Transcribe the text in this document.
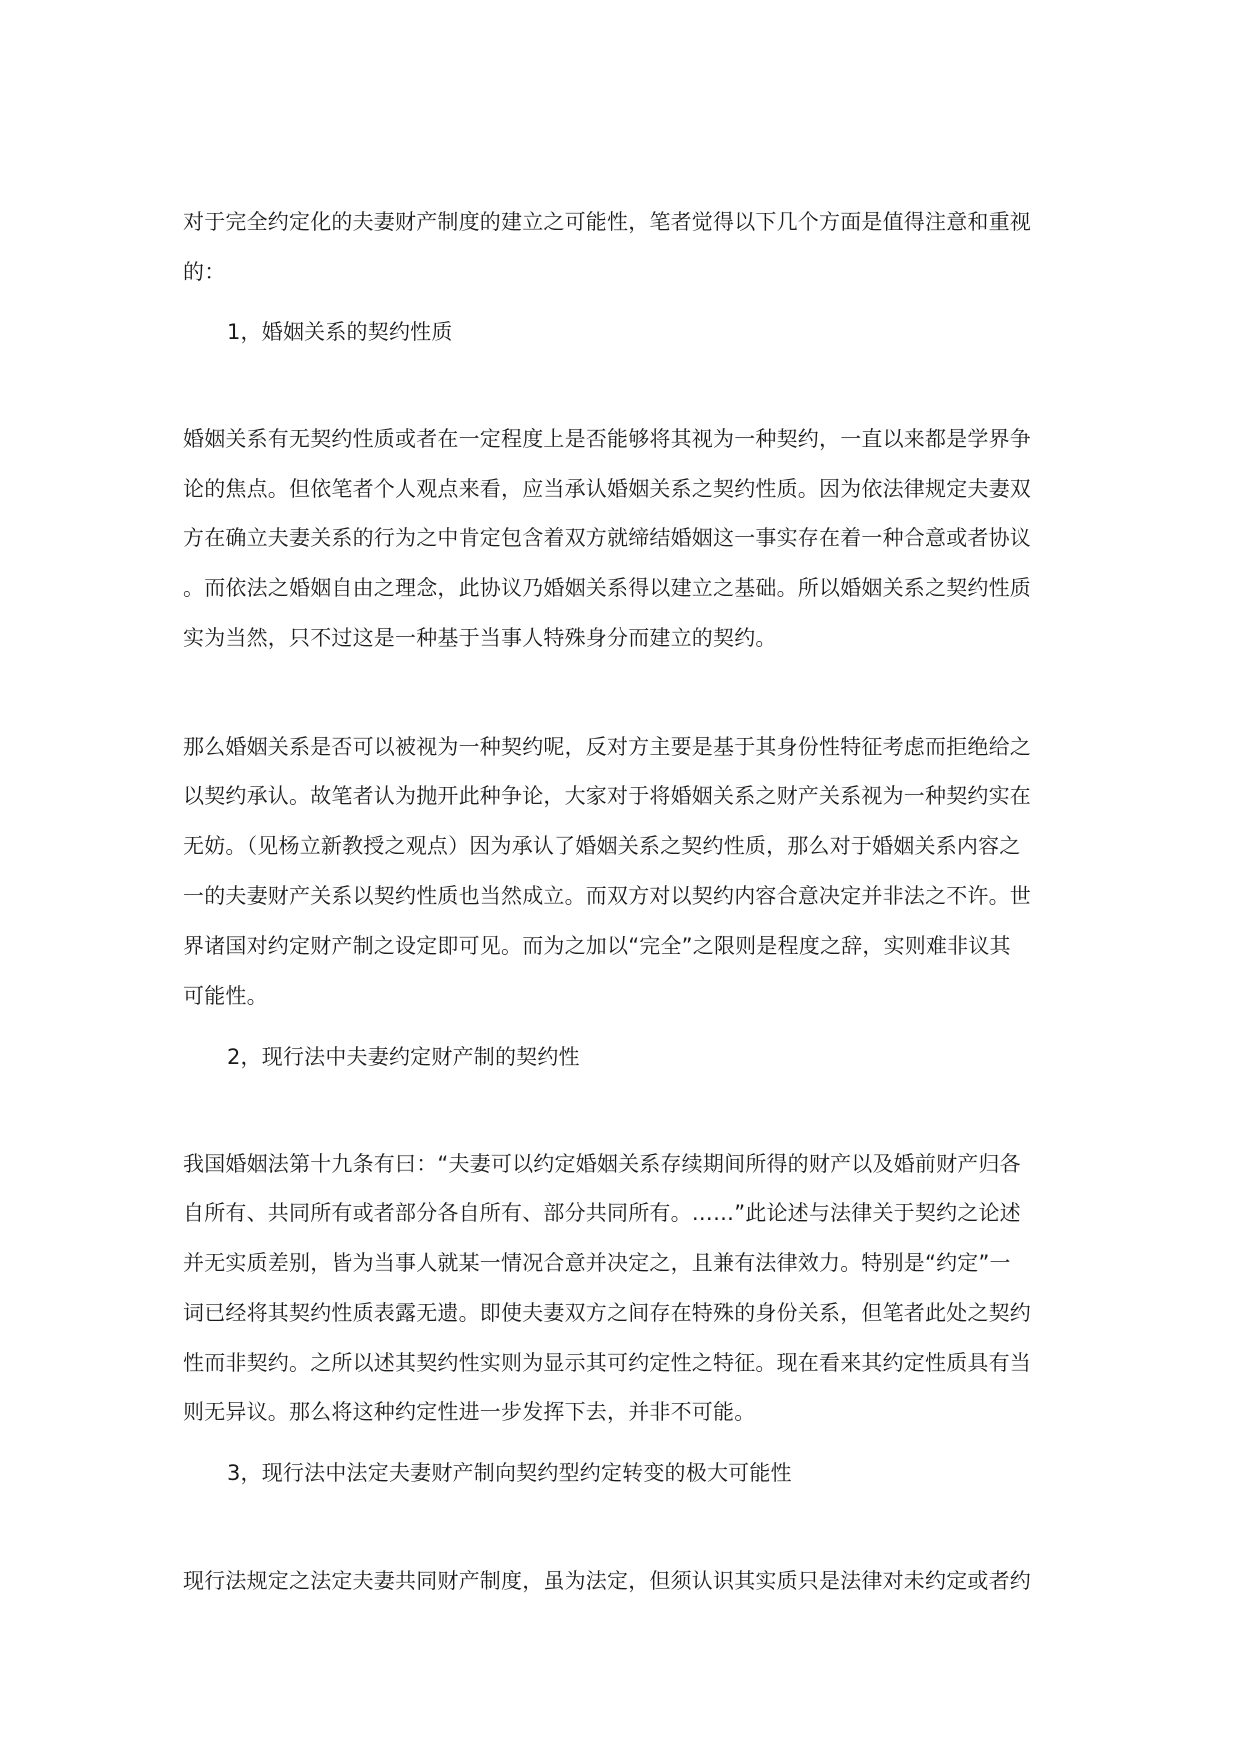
对于完全约定化的夫妻财产制度的建立之可能性，笔者觉得以下几个方面是值得注意和重视
的：
1，婚姻关系的契约性质
婚姻关系有无契约性质或者在一定程度上是否能够将其视为一种契约，一直以来都是学界争
论的焦点。但依笔者个人观点来看，应当承认婚姻关系之契约性质。因为依法律规定夫妻双
方在确立夫妻关系的行为之中肯定包含着双方就缔结婚姻这一事实存在着一种合意或者协议
。而依法之婚姻自由之理念，此协议乃婚姻关系得以建立之基础。所以婚姻关系之契约性质
实为当然，只不过这是一种基于当事人特殊身分而建立的契约。
那么婚姻关系是否可以被视为一种契约呢，反对方主要是基于其身份性特征考虑而拒绝给之
以契约承认。故笔者认为抛开此种争论，大家对于将婚姻关系之财产关系视为一种契约实在
无妨。（见杨立新教授之观点）因为承认了婚姻关系之契约性质，那么对于婚姻关系内容之
一的夫妻财产关系以契约性质也当然成立。而双方对以契约内容合意决定并非法之不许。世
界诸国对约定财产制之设定即可见。而为之加以“完全”之限则是程度之辞，实则难非议其
可能性。
2，现行法中夫妻约定财产制的契约性
我国婚姻法第十九条有曰：“夫妻可以约定婚姻关系存续期间所得的财产以及婚前财产归各
自所有、共同所有或者部分各自所有、部分共同所有。……”此论述与法律关于契约之论述
并无实质差别，皆为当事人就某一情况合意并决定之，且兼有法律效力。特别是“约定”一
词已经将其契约性质表露无遗。即使夫妻双方之间存在特殊的身份关系，但笔者此处之契约
性而非契约。之所以述其契约性实则为显示其可约定性之特征。现在看来其约定性质具有当
则无异议。那么将这种约定性进一步发挥下去，并非不可能。
3，现行法中法定夫妻财产制向契约型约定转变的极大可能性
现行法规定之法定夫妻共同财产制度，虽为法定，但须认识其实质只是法律对未约定或者约
